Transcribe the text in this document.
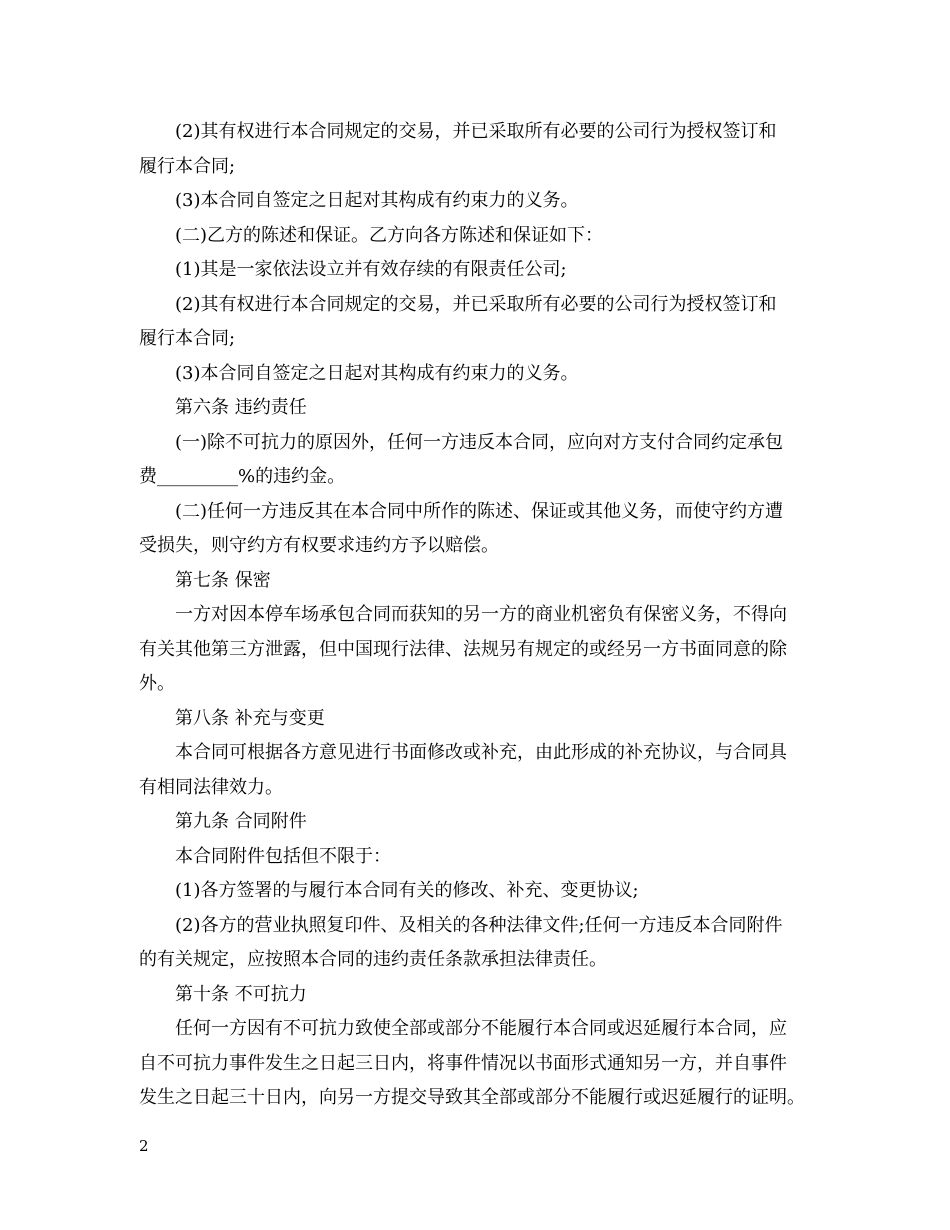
(2)其有权进行本合同规定的交易，并已采取所有必要的公司行为授权签订和
履行本合同;
(3)本合同自签定之日起对其构成有约束力的义务。
(二)乙方的陈述和保证。乙方向各方陈述和保证如下：
(1)其是一家依法设立并有效存续的有限责任公司;
(2)其有权进行本合同规定的交易，并已采取所有必要的公司行为授权签订和
履行本合同;
(3)本合同自签定之日起对其构成有约束力的义务。
第六条 违约责任
(一)除不可抗力的原因外，任何一方违反本合同，应向对方支付合同约定承包
费_________%的违约金。
(二)任何一方违反其在本合同中所作的陈述、保证或其他义务，而使守约方遭
受损失，则守约方有权要求违约方予以赔偿。
第七条 保密
一方对因本停车场承包合同而获知的另一方的商业机密负有保密义务，不得向
有关其他第三方泄露，但中国现行法律、法规另有规定的或经另一方书面同意的除
外。
第八条 补充与变更
本合同可根据各方意见进行书面修改或补充，由此形成的补充协议，与合同具
有相同法律效力。
第九条 合同附件
本合同附件包括但不限于：
(1)各方签署的与履行本合同有关的修改、补充、变更协议;
(2)各方的营业执照复印件、及相关的各种法律文件;任何一方违反本合同附件
的有关规定，应按照本合同的违约责任条款承担法律责任。
第十条 不可抗力
任何一方因有不可抗力致使全部或部分不能履行本合同或迟延履行本合同，应
自不可抗力事件发生之日起三日内，将事件情况以书面形式通知另一方，并自事件
发生之日起三十日内，向另一方提交导致其全部或部分不能履行或迟延履行的证明。
2
